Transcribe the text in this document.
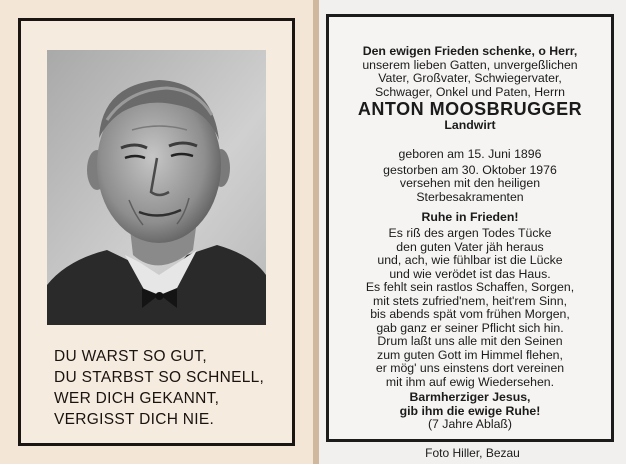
DU WARST SO GUT,
DU STARBST SO SCHNELL,
WER DICH GEKANNT,
VERGISST DICH NIE.
Den ewigen Frieden schenke, o Herr,
unserem lieben Gatten, unvergeßlichen
Vater, Großvater, Schwiegervater,
Schwager, Onkel und Paten, Herrn
ANTON MOOSBRUGGER
Landwirt
geboren am 15. Juni 1896
gestorben am 30. Oktober 1976
versehen mit den heiligen
Sterbesakramenten
Ruhe in Frieden!
Es riß des argen Todes Tücke
den guten Vater jäh heraus
und, ach, wie fühlbar ist die Lücke
und wie verödet ist das Haus.
Es fehlt sein rastlos Schaffen, Sorgen,
mit stets zufried'nem, heit'rem Sinn,
bis abends spät vom frühen Morgen,
gab ganz er seiner Pflicht sich hin.
Drum laßt uns alle mit den Seinen
zum guten Gott im Himmel flehen,
er mög' uns einstens dort vereinen
mit ihm auf ewig Wiedersehen.
Barmherziger Jesus,
gib ihm die ewige Ruhe!
(7 Jahre Ablaß)
Foto Hiller, Bezau
